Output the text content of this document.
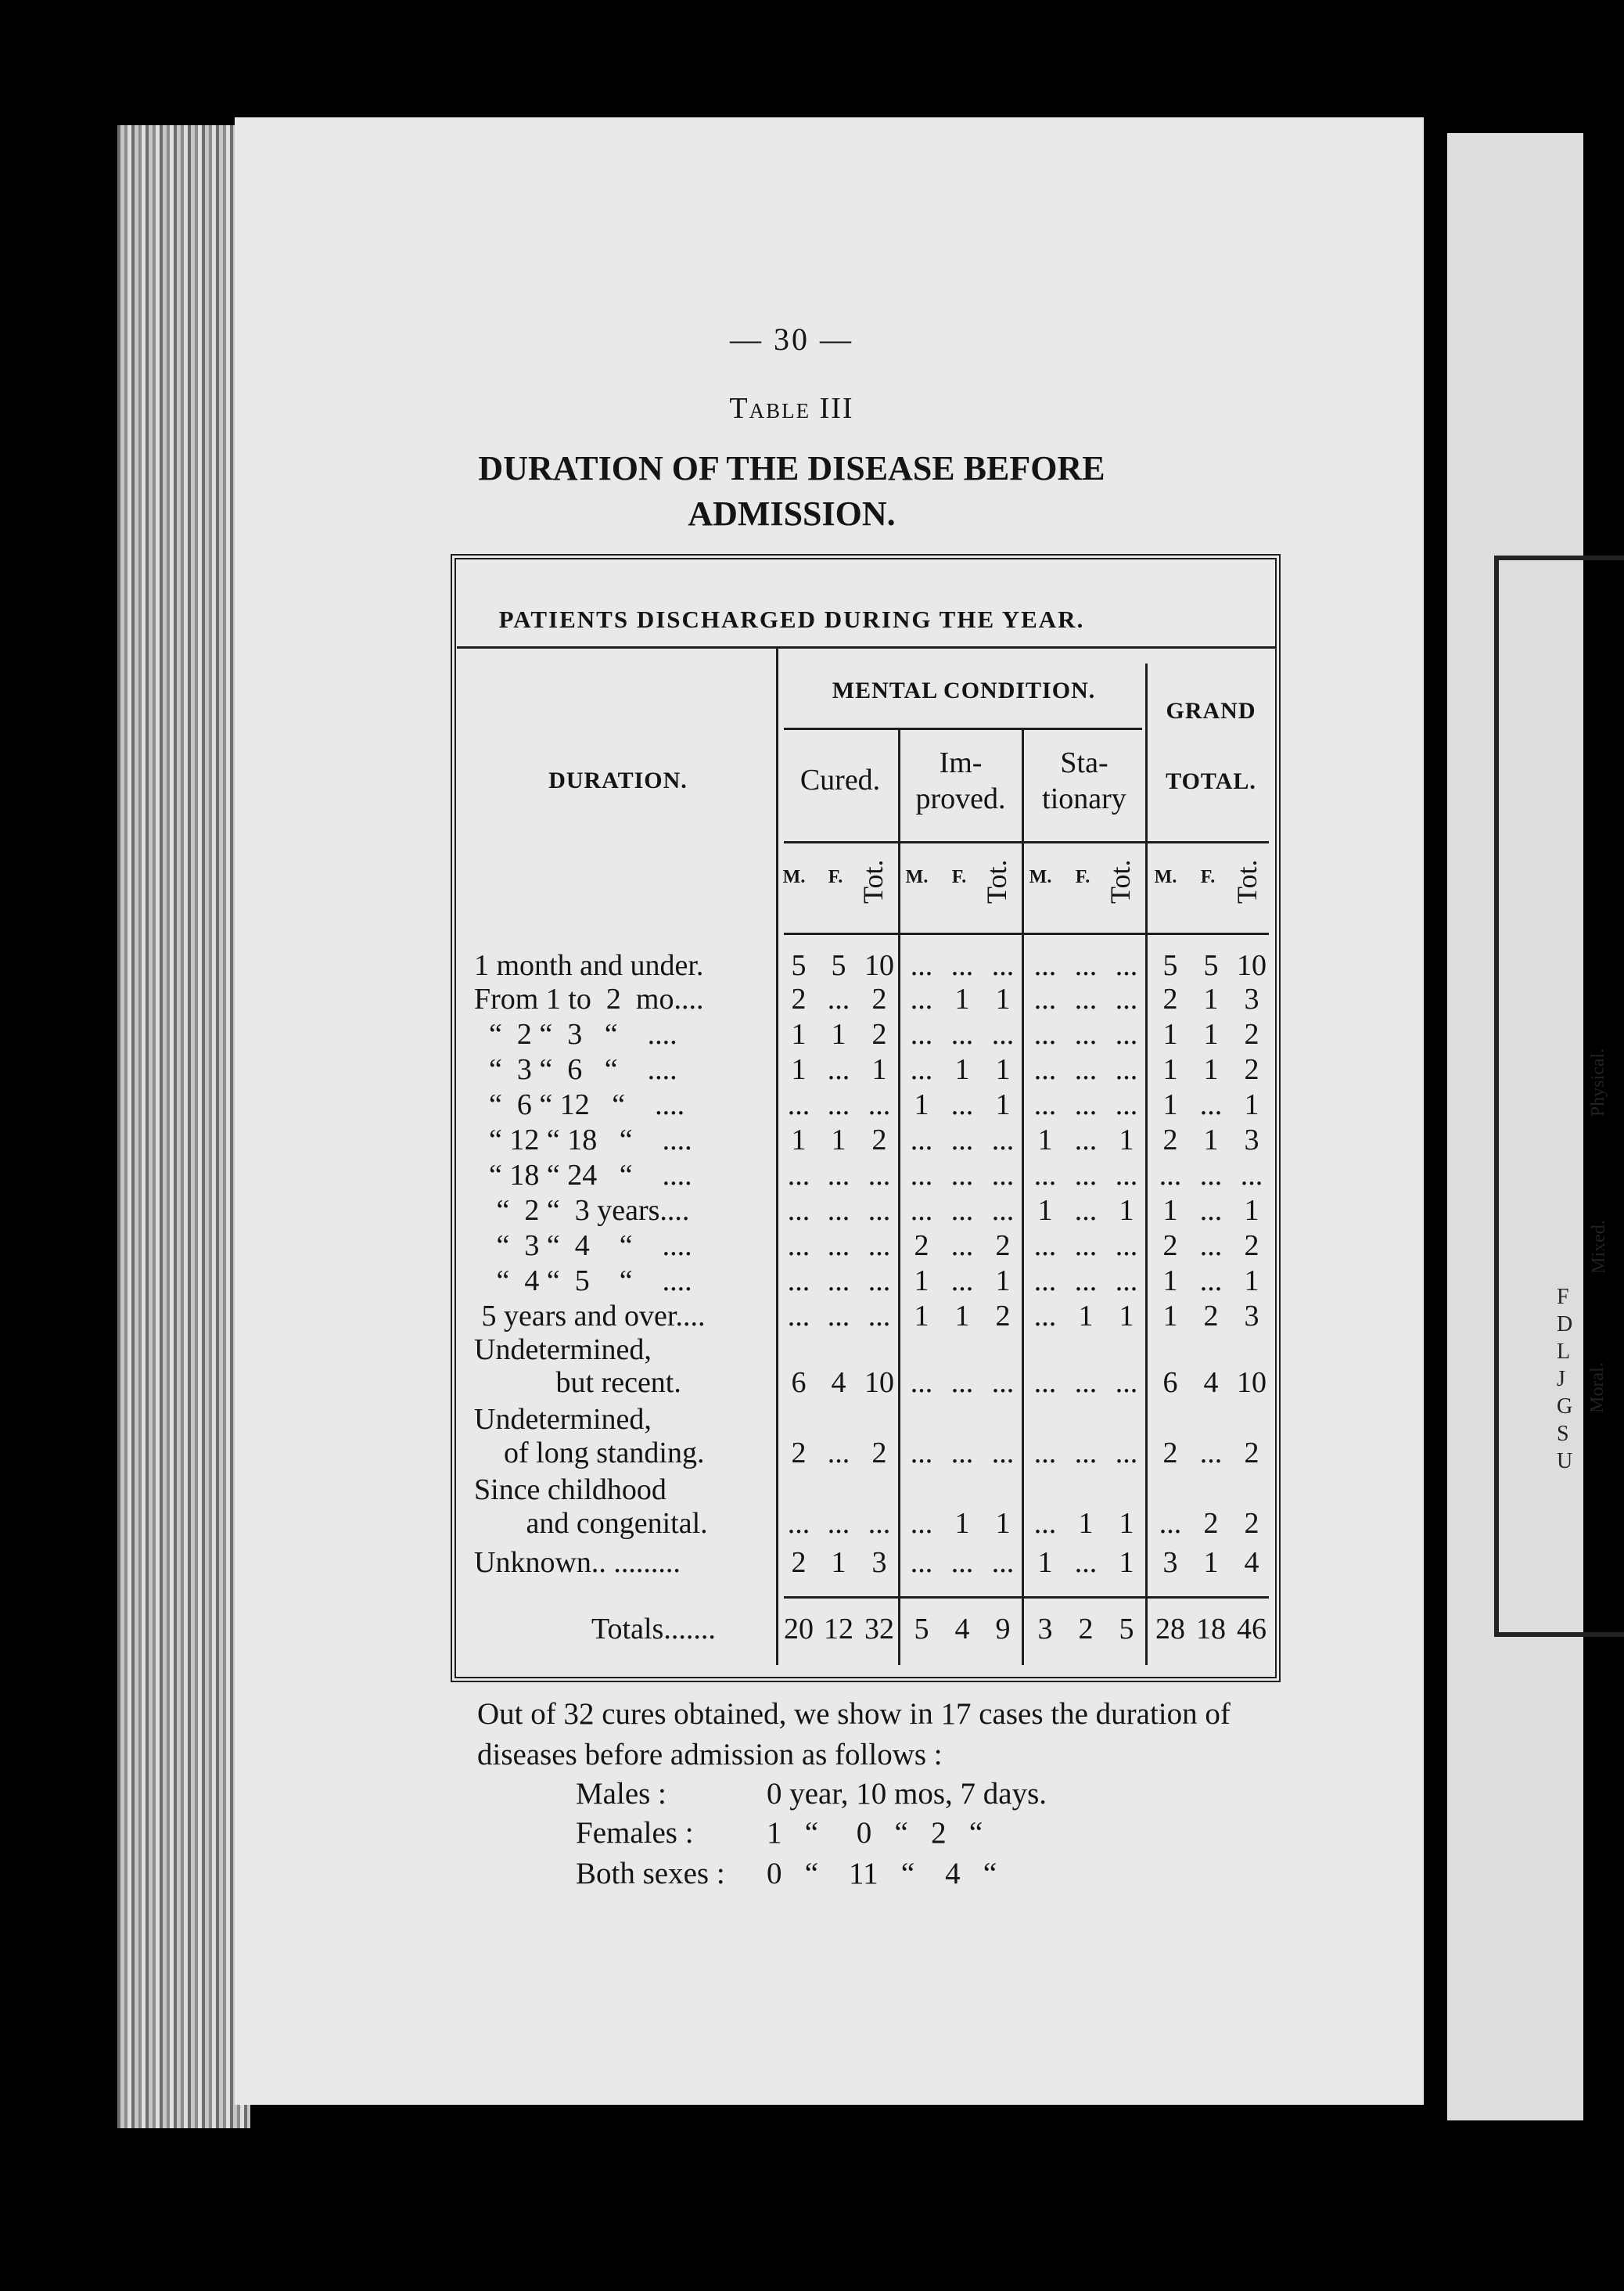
Physical.
Mixed.
Moral.
F
D
L
J
G
S
U
— 30 —
Table III
DURATION OF THE DISEASE BEFORE
ADMISSION.
PATIENTS DISCHARGED DURING THE YEAR.
MENTAL CONDITION.
DURATION.
GRAND
TOTAL.
Cured.
Im-
proved.
Sta-
tionary
M.	F. Tot. M.	F. Tot. M.	F. Tot. M.	F. Tot.
1 month and under.	5 5 10 ... ... ... ... ... ... 5 5 10
From 1 to  2  mo....	2 ... 2 ... 1 1 ... ... ... 2 1 3
“  2 “  3   “    ....	1 1 2 ... ... ... ... ... ... 1 1 2
“  3 “  6   “    ....	1 ... 1 ... 1 1 ... ... ... 1 1 2
“  6 “ 12   “    ....	... ... ... 1 ... 1 ... ... ... 1 ... 1
“ 12 “ 18   “    ....	1 1 2 ... ... ... 1 ... 1 2 1 3
“ 18 “ 24   “    ....	... ... ... ... ... ... ... ... ... ... ... ...
“  2 “  3 years....	... ... ... ... ... ... 1 ... 1 1 ... 1
“  3 “  4    “    ....	... ... ... 2 ... 2 ... ... ... 2 ... 2
“  4 “  5    “    ....	... ... ... 1 ... 1 ... ... ... 1 ... 1
5 years and over....	... ... ... 1 1 2 ... 1 1 1 2 3
Undetermined,
but recent.	6 4 10 ... ... ... ... ... ... 6 4 10
Undetermined,
of long standing.	2 ... 2 ... ... ... ... ... ... 2 ... 2
Since childhood
and congenital.	... ... ... ... 1 1 ... 1 1 ... 2 2
Unknown.. .........	2 1 3 ... ... ... 1 ... 1 3 1 4
Totals....... 20 12 32 5 4 9 3 2 5 28 18 46
Out of 32 cures obtained, we show in 17 cases the duration of diseases before admission as follows :
Males :	0 year, 10 mos, 7 days.
Females : 1   “     0   “   2   “
Both sexes : 0   “    11   “    4   “
